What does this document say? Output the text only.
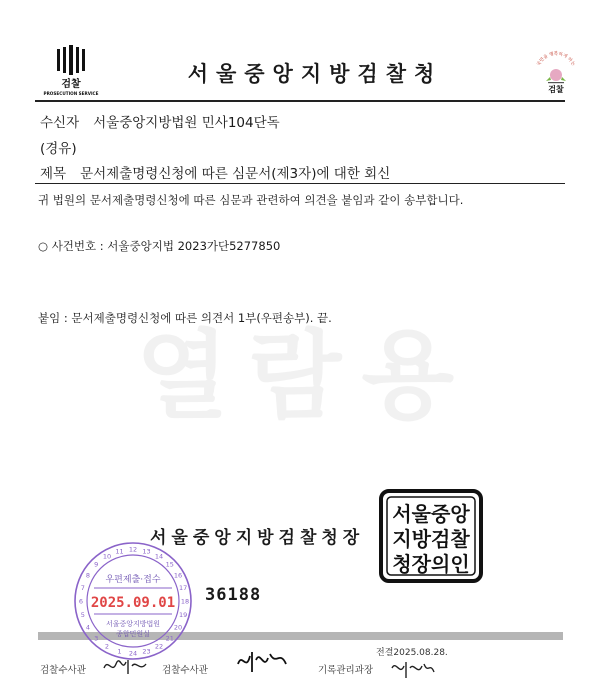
열람용
검찰
PROSECUTION SERVICE
서울중앙지방검찰청	국민을 행복하게 하는
검찰
수신자 서울중앙지방법원 민사104단독
(경유)
제목 문서제출명령신청에 따른 심문서(제3자)에 대한 회신
귀 법원의 문서제출명령신청에 따른 심문과 관련하여 의견을 붙임과 같이 송부합니다.
○ 사건번호 : 서울중앙지법 2023가단5277850
붙임 : 문서제출명령신청에 따른 의견서 1부(우편송부). 끝.
서울중앙지방검찰청장
서울중앙
지방검찰
청장의인
36188
6
7
8
9
10
11 12 13
14
15
16
17
18
19
20
21
22
23
24
1
2
3
4
5
우편제출·접수
2025.09.01
서울중앙지방법원
종합민원실
검찰수사관	검찰수사관	기록관리과장
전결2025.08.28.
